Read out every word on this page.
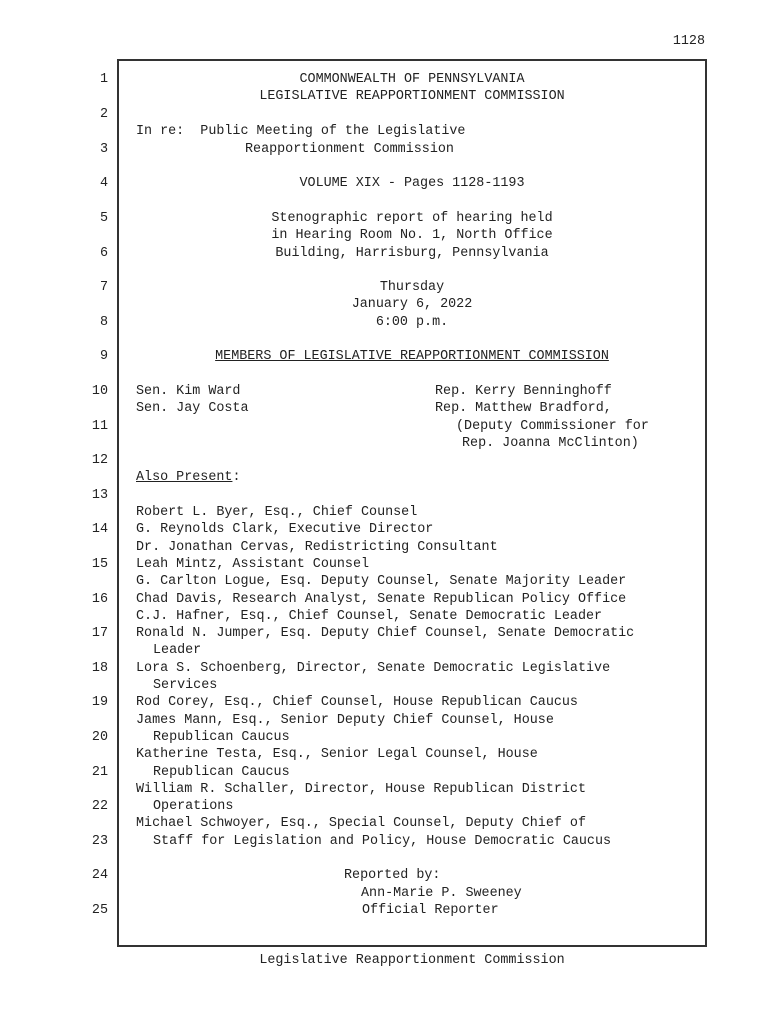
1128
1
2
3
4
5
6
7
8
9
10
11
12
13
14
15
16
17
18
19
20
21
22
23
24
25
COMMONWEALTH OF PENNSYLVANIA
LEGISLATIVE REAPPORTIONMENT COMMISSION
In re:  Public Meeting of the Legislative
Reapportionment Commission
VOLUME XIX - Pages 1128-1193
Stenographic report of hearing held
in Hearing Room No. 1, North Office
Building, Harrisburg, Pennsylvania
Thursday
January 6, 2022
6:00 p.m.
MEMBERS OF LEGISLATIVE REAPPORTIONMENT COMMISSION
Sen. Kim Ward
Sen. Jay Costa
Rep. Kerry Benninghoff
Rep. Matthew Bradford,
(Deputy Commissioner for
Rep. Joanna McClinton)
Also Present:
Robert L. Byer, Esq., Chief Counsel
G. Reynolds Clark, Executive Director
Dr. Jonathan Cervas, Redistricting Consultant
Leah Mintz, Assistant Counsel
G. Carlton Logue, Esq. Deputy Counsel, Senate Majority Leader
Chad Davis, Research Analyst, Senate Republican Policy Office
C.J. Hafner, Esq., Chief Counsel, Senate Democratic Leader
Ronald N. Jumper, Esq. Deputy Chief Counsel, Senate Democratic
Leader
Lora S. Schoenberg, Director, Senate Democratic Legislative
Services
Rod Corey, Esq., Chief Counsel, House Republican Caucus
James Mann, Esq., Senior Deputy Chief Counsel, House
Republican Caucus
Katherine Testa, Esq., Senior Legal Counsel, House
Republican Caucus
William R. Schaller, Director, House Republican District
Operations
Michael Schwoyer, Esq., Special Counsel, Deputy Chief of
Staff for Legislation and Policy, House Democratic Caucus
Reported by:
Ann-Marie P. Sweeney
Official Reporter
Legislative Reapportionment Commission
